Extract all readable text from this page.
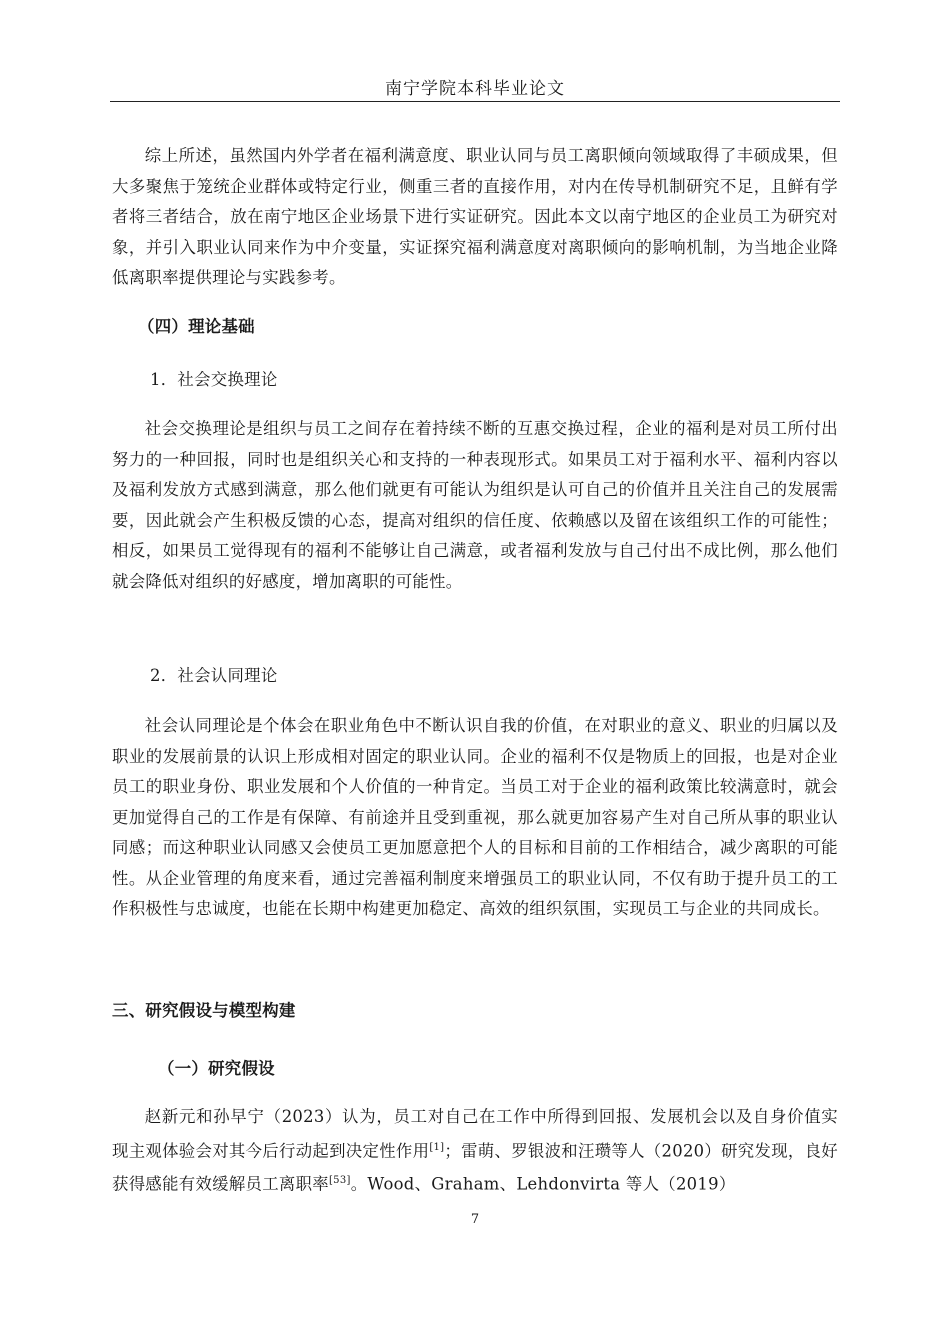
南宁学院本科毕业论文

综上所述，虽然国内外学者在福利满意度、职业认同与员工离职倾向领域取得了丰硕成果，但大多聚焦于笼统企业群体或特定行业，侧重三者的直接作用，对内在传导机制研究不足，且鲜有学者将三者结合，放在南宁地区企业场景下进行实证研究。因此本文以南宁地区的企业员工为研究对象，并引入职业认同来作为中介变量，实证探究福利满意度对离职倾向的影响机制，为当地企业降低离职率提供理论与实践参考。

（四）理论基础
1．社会交换理论

社会交换理论是组织与员工之间存在着持续不断的互惠交换过程，企业的福利是对员工所付出努力的一种回报，同时也是组织关心和支持的一种表现形式。如果员工对于福利水平、福利内容以及福利发放方式感到满意，那么他们就更有可能认为组织是认可自己的价值并且关注自己的发展需要，因此就会产生积极反馈的心态，提高对组织的信任度、依赖感以及留在该组织工作的可能性；相反，如果员工觉得现有的福利不能够让自己满意，或者福利发放与自己付出不成比例，那么他们就会降低对组织的好感度，增加离职的可能性。

2．社会认同理论

社会认同理论是个体会在职业角色中不断认识自我的价值，在对职业的意义、职业的归属以及职业的发展前景的认识上形成相对固定的职业认同。企业的福利不仅是物质上的回报，也是对企业员工的职业身份、职业发展和个人价值的一种肯定。当员工对于企业的福利政策比较满意时，就会更加觉得自己的工作是有保障、有前途并且受到重视，那么就更加容易产生对自己所从事的职业认同感；而这种职业认同感又会使员工更加愿意把个人的目标和目前的工作相结合，减少离职的可能性。从企业管理的角度来看，通过完善福利制度来增强员工的职业认同，不仅有助于提升员工的工作积极性与忠诚度，也能在长期中构建更加稳定、高效的组织氛围，实现员工与企业的共同成长。

三、研究假设与模型构建
（一）研究假设

赵新元和孙早宁（2023）认为，员工对自己在工作中所得到回报、发展机会以及自身价值实现主观体验会对其今后行动起到决定性作用[1]；雷萌、罗银波和汪瓒等人（2020）研究发现，良好获得感能有效缓解员工离职率[53]。Wood、Graham、Lehdonvirta 等人（2019）

7
